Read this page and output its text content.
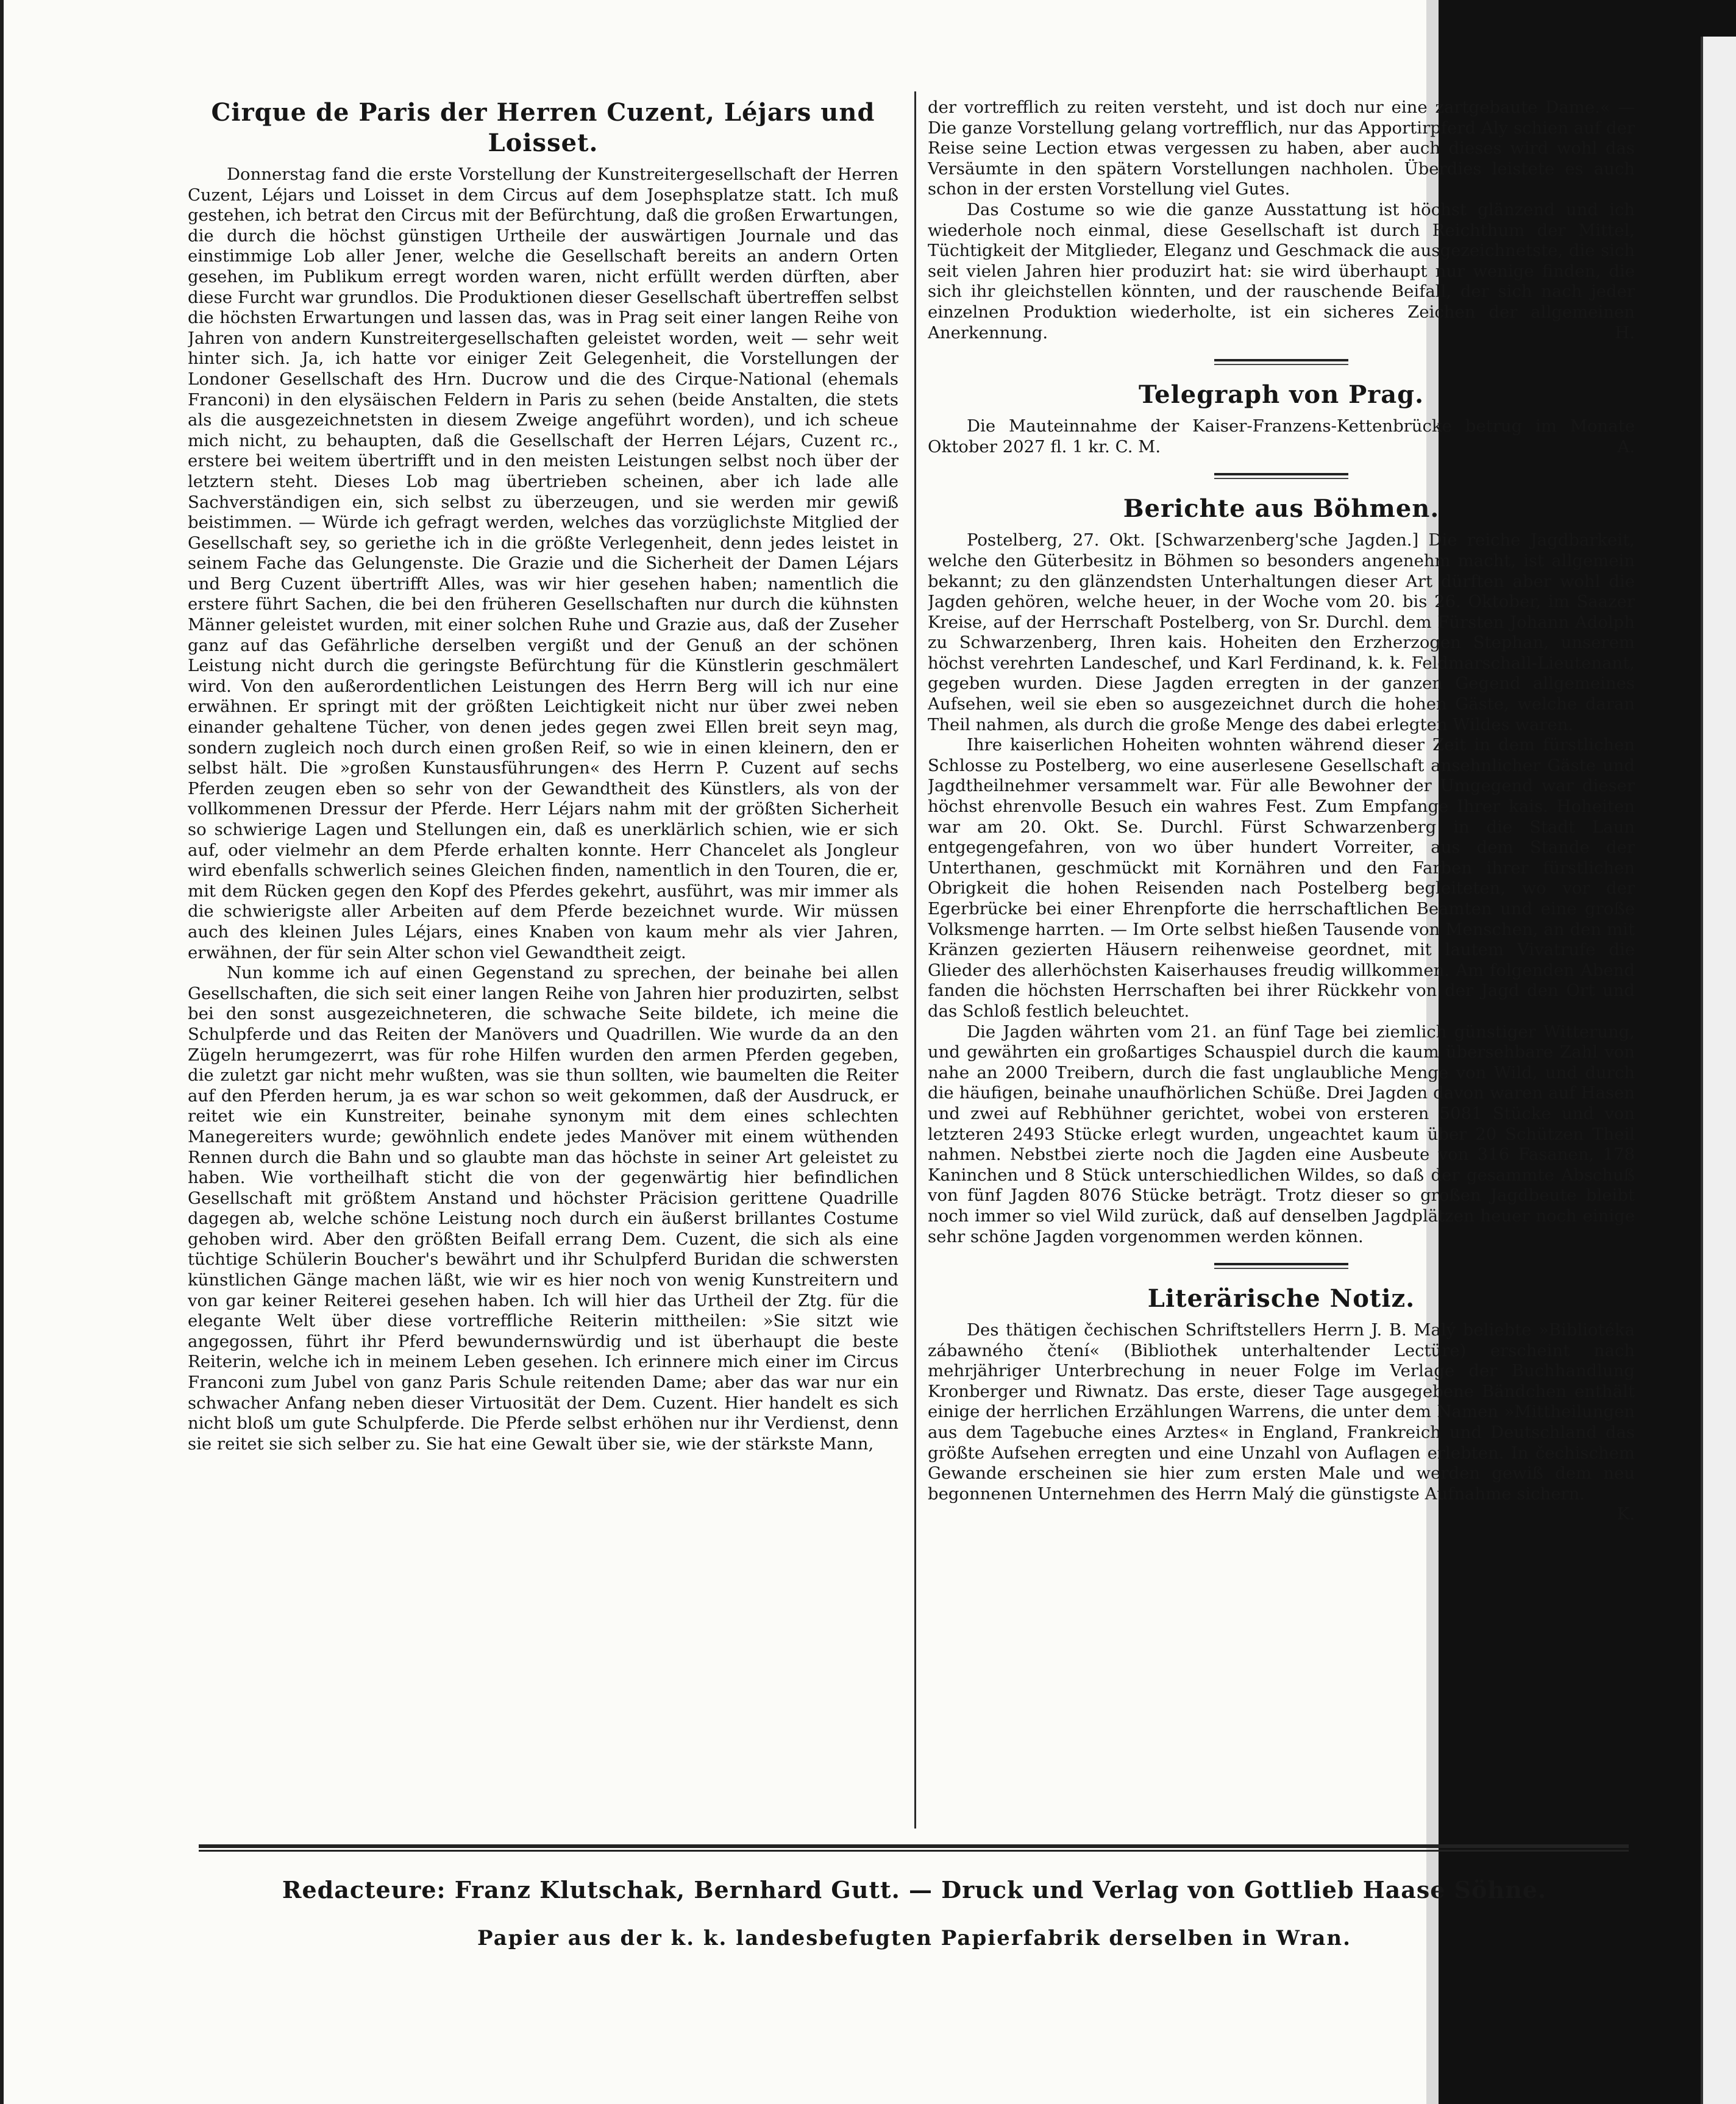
Cirque de Paris der Herren Cuzent, Léjars und Loisset.

Donnerstag fand die erste Vorstellung der Kunstreitergesellschaft der Herren Cuzent, Léjars und Loisset in dem Circus auf dem Josephsplatze statt. Ich muß gestehen, ich betrat den Circus mit der Befürchtung, daß die großen Erwartungen, die durch die höchst günstigen Urtheile der auswärtigen Journale und das einstimmige Lob aller Jener, welche die Gesellschaft bereits an andern Orten gesehen, im Publikum erregt worden waren, nicht erfüllt werden dürften, aber diese Furcht war grundlos. Die Produktionen dieser Gesellschaft übertreffen selbst die höchsten Erwartungen und lassen das, was in Prag seit einer langen Reihe von Jahren von andern Kunstreitergesellschaften geleistet worden, weit — sehr weit hinter sich. Ja, ich hatte vor einiger Zeit Gelegenheit, die Vorstellungen der Londoner Gesellschaft des Hrn. Ducrow und die des Cirque-National (ehemals Franconi) in den elysäischen Feldern in Paris zu sehen (beide Anstalten, die stets als die ausgezeichnetsten in diesem Zweige angeführt worden), und ich scheue mich nicht, zu behaupten, daß die Gesellschaft der Herren Léjars, Cuzent rc., erstere bei weitem übertrifft und in den meisten Leistungen selbst noch über der letztern steht. Dieses Lob mag übertrieben scheinen, aber ich lade alle Sachverständigen ein, sich selbst zu überzeugen, und sie werden mir gewiß beistimmen. — Würde ich gefragt werden, welches das vorzüglichste Mitglied der Gesellschaft sey, so geriethe ich in die größte Verlegenheit, denn jedes leistet in seinem Fache das Gelungenste. Die Grazie und die Sicherheit der Damen Léjars und Berg Cuzent übertrifft Alles, was wir hier gesehen haben; namentlich die erstere führt Sachen, die bei den früheren Gesellschaften nur durch die kühnsten Männer geleistet wurden, mit einer solchen Ruhe und Grazie aus, daß der Zuseher ganz auf das Gefährliche derselben vergißt und der Genuß an der schönen Leistung nicht durch die geringste Befürchtung für die Künstlerin geschmälert wird. Von den außerordentlichen Leistungen des Herrn Berg will ich nur eine erwähnen. Er springt mit der größten Leichtigkeit nicht nur über zwei neben einander gehaltene Tücher, von denen jedes gegen zwei Ellen breit seyn mag, sondern zugleich noch durch einen großen Reif, so wie in einen kleinern, den er selbst hält. Die »großen Kunstausführungen« des Herrn P. Cuzent auf sechs Pferden zeugen eben so sehr von der Gewandtheit des Künstlers, als von der vollkommenen Dressur der Pferde. Herr Léjars nahm mit der größten Sicherheit so schwierige Lagen und Stellungen ein, daß es unerklärlich schien, wie er sich auf, oder vielmehr an dem Pferde erhalten konnte. Herr Chancelet als Jongleur wird ebenfalls schwerlich seines Gleichen finden, namentlich in den Touren, die er, mit dem Rücken gegen den Kopf des Pferdes gekehrt, ausführt, was mir immer als die schwierigste aller Arbeiten auf dem Pferde bezeichnet wurde. Wir müssen auch des kleinen Jules Léjars, eines Knaben von kaum mehr als vier Jahren, erwähnen, der für sein Alter schon viel Gewandtheit zeigt.

Nun komme ich auf einen Gegenstand zu sprechen, der beinahe bei allen Gesellschaften, die sich seit einer langen Reihe von Jahren hier produzirten, selbst bei den sonst ausgezeichneteren, die schwache Seite bildete, ich meine die Schulpferde und das Reiten der Manövers und Quadrillen. Wie wurde da an den Zügeln herumgezerrt, was für rohe Hilfen wurden den armen Pferden gegeben, die zuletzt gar nicht mehr wußten, was sie thun sollten, wie baumelten die Reiter auf den Pferden herum, ja es war schon so weit gekommen, daß der Ausdruck, er reitet wie ein Kunstreiter, beinahe synonym mit dem eines schlechten Manegereiters wurde; gewöhnlich endete jedes Manöver mit einem wüthenden Rennen durch die Bahn und so glaubte man das höchste in seiner Art geleistet zu haben. Wie vortheilhaft sticht die von der gegenwärtig hier befindlichen Gesellschaft mit größtem Anstand und höchster Präcision gerittene Quadrille dagegen ab, welche schöne Leistung noch durch ein äußerst brillantes Costume gehoben wird. Aber den größten Beifall errang Dem. Cuzent, die sich als eine tüchtige Schülerin Boucher's bewährt und ihr Schulpferd Buridan die schwersten künstlichen Gänge machen läßt, wie wir es hier noch von wenig Kunstreitern und von gar keiner Reiterei gesehen haben. Ich will hier das Urtheil der Ztg. für die elegante Welt über diese vortreffliche Reiterin mittheilen: »Sie sitzt wie angegossen, führt ihr Pferd bewundernswürdig und ist überhaupt die beste Reiterin, welche ich in meinem Leben gesehen. Ich erinnere mich einer im Circus Franconi zum Jubel von ganz Paris Schule reitenden Dame; aber das war nur ein schwacher Anfang neben dieser Virtuosität der Dem. Cuzent. Hier handelt es sich nicht bloß um gute Schulpferde. Die Pferde selbst erhöhen nur ihr Verdienst, denn sie reitet sie sich selber zu. Sie hat eine Gewalt über sie, wie der stärkste Mann,

der vortrefflich zu reiten versteht, und ist doch nur eine zartgebaute Dame.« — Die ganze Vorstellung gelang vortrefflich, nur das Apportirpferd Aly schien auf der Reise seine Lection etwas vergessen zu haben, aber auch dieses wird wohl das Versäumte in den spätern Vorstellungen nachholen. Überdies leistete es auch schon in der ersten Vorstellung viel Gutes.

Das Costume so wie die ganze Ausstattung ist höchst glänzend und ich wiederhole noch einmal, diese Gesellschaft ist durch Reichthum der Mittel, Tüchtigkeit der Mitglieder, Eleganz und Geschmack die ausgezeichnetste, die sich seit vielen Jahren hier produzirt hat: sie wird überhaupt nur wenige finden, die sich ihr gleichstellen könnten, und der rauschende Beifall, der sich nach jeder einzelnen Produktion wiederholte, ist ein sicheres Zeichen der allgemeinen Anerkennung.	H.

Telegraph von Prag.

Die Mauteinnahme der Kaiser-Franzens-Kettenbrücke betrug im Monate Oktober 2027 fl. 1 kr. C. M.	A.

Berichte aus Böhmen.

Postelberg, 27. Okt. [Schwarzenberg'sche Jagden.] Die reiche Jagdbarkeit, welche den Güterbesitz in Böhmen so besonders angenehm macht, ist allgemein bekannt; zu den glänzendsten Unterhaltungen dieser Art dürften aber wohl die Jagden gehören, welche heuer, in der Woche vom 20. bis 26. Oktober, im Saazer Kreise, auf der Herrschaft Postelberg, von Sr. Durchl. dem Fürsten Johann Adolph zu Schwarzenberg, Ihren kais. Hoheiten den Erzherzogen Stephan, unserem höchst verehrten Landeschef, und Karl Ferdinand, k. k. Feldmarschall-Lieutenant, gegeben wurden. Diese Jagden erregten in der ganzen Gegend allgemeines Aufsehen, weil sie eben so ausgezeichnet durch die hohen Gäste, welche daran Theil nahmen, als durch die große Menge des dabei erlegten Wildes waren.

Ihre kaiserlichen Hoheiten wohnten während dieser Zeit in dem fürstlichen Schlosse zu Postelberg, wo eine auserlesene Gesellschaft ansehnlicher Gäste und Jagdtheilnehmer versammelt war. Für alle Bewohner der Umgegend war dieser höchst ehrenvolle Besuch ein wahres Fest. Zum Empfange Ihrer kais. Hoheiten war am 20. Okt. Se. Durchl. Fürst Schwarzenberg in die Stadt Laun entgegengefahren, von wo über hundert Vorreiter, aus dem Stande der Unterthanen, geschmückt mit Kornähren und den Farben ihrer fürstlichen Obrigkeit die hohen Reisenden nach Postelberg begleiteten, wo vor der Egerbrücke bei einer Ehrenpforte die herrschaftlichen Beamten und eine große Volksmenge harrten. — Im Orte selbst hießen Tausende von Menschen, an den mit Kränzen gezierten Häusern reihenweise geordnet, mit lautem Vivatrufe die Glieder des allerhöchsten Kaiserhauses freudig willkommen. Am folgenden Abend fanden die höchsten Herrschaften bei ihrer Rückkehr von der Jagd den Ort und das Schloß festlich beleuchtet.

Die Jagden währten vom 21. an fünf Tage bei ziemlich günstiger Witterung, und gewährten ein großartiges Schauspiel durch die kaum übersehbare Zahl von nahe an 2000 Treibern, durch die fast unglaubliche Menge von Wild, und durch die häufigen, beinahe unaufhörlichen Schüße. Drei Jagden davon waren auf Hasen und zwei auf Rebhühner gerichtet, wobei von ersteren 5081 Stücke und von letzteren 2493 Stücke erlegt wurden, ungeachtet kaum über 20 Schützen Theil nahmen. Nebstbei zierte noch die Jagden eine Ausbeute von 316 Fasanen, 178 Kaninchen und 8 Stück unterschiedlichen Wildes, so daß der gesammte Abschuß von fünf Jagden 8076 Stücke beträgt. Trotz dieser so großen Jagdbeute bleibt noch immer so viel Wild zurück, daß auf denselben Jagdplätzen heuer noch einige sehr schöne Jagden vorgenommen werden können.

Literärische Notiz.

Des thätigen čechischen Schriftstellers Herrn J. B. Malý beliebte »Bibliotéka zábawného čtení« (Bibliothek unterhaltender Lectüre) erscheint nach mehrjähriger Unterbrechung in neuer Folge im Verlage der Buchhandlung Kronberger und Riwnatz. Das erste, dieser Tage ausgegebene Bändchen enthält einige der herrlichen Erzählungen Warrens, die unter dem Namen »Mittheilungen aus dem Tagebuche eines Arztes« in England, Frankreich und Deutschland das größte Aufsehen erregten und eine Unzahl von Auflagen erlebten. In čechischem Gewande erscheinen sie hier zum ersten Male und werden gewiß dem neu begonnenen Unternehmen des Herrn Malý die günstigste Aufnahme sichern.
K.

Redacteure: Franz Klutschak, Bernhard Gutt. — Druck und Verlag von Gottlieb Haase Söhne.
Papier aus der k. k. landesbefugten Papierfabrik derselben in Wran.
